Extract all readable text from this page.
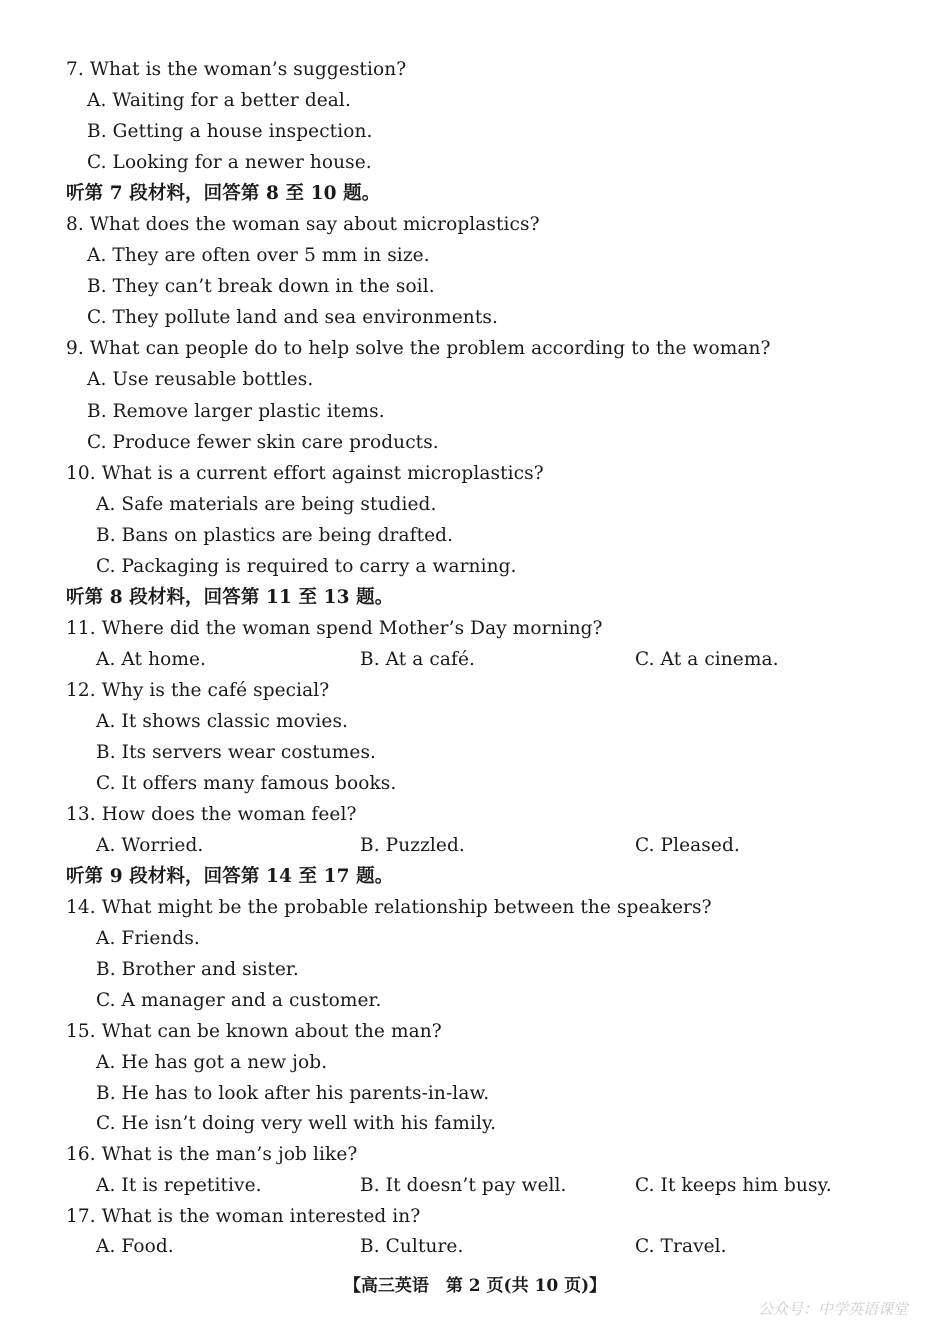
7. What is the woman’s suggestion?
A. Waiting for a better deal.
B. Getting a house inspection.
C. Looking for a newer house.
听第 7 段材料，回答第 8 至 10 题。
8. What does the woman say about microplastics?
A. They are often over 5 mm in size.
B. They can’t break down in the soil.
C. They pollute land and sea environments.
9. What can people do to help solve the problem according to the woman?
A. Use reusable bottles.
B. Remove larger plastic items.
C. Produce fewer skin care products.
10. What is a current effort against microplastics?
A. Safe materials are being studied.
B. Bans on plastics are being drafted.
C. Packaging is required to carry a warning.
听第 8 段材料，回答第 11 至 13 题。
11. Where did the woman spend Mother’s Day morning?
A. At home.	B. At a café.	C. At a cinema.
12. Why is the café special?
A. It shows classic movies.
B. Its servers wear costumes.
C. It offers many famous books.
13. How does the woman feel?
A. Worried.	B. Puzzled.	C. Pleased.
听第 9 段材料，回答第 14 至 17 题。
14. What might be the probable relationship between the speakers?
A. Friends.
B. Brother and sister.
C. A manager and a customer.
15. What can be known about the man?
A. He has got a new job.
B. He has to look after his parents-in-law.
C. He isn’t doing very well with his family.
16. What is the man’s job like?
A. It is repetitive.	B. It doesn’t pay well.	C. It keeps him busy.
17. What is the woman interested in?
A. Food.	B. Culture.	C. Travel.
【高三英语　第 2 页(共 10 页)】
公众号：中学英语课堂
